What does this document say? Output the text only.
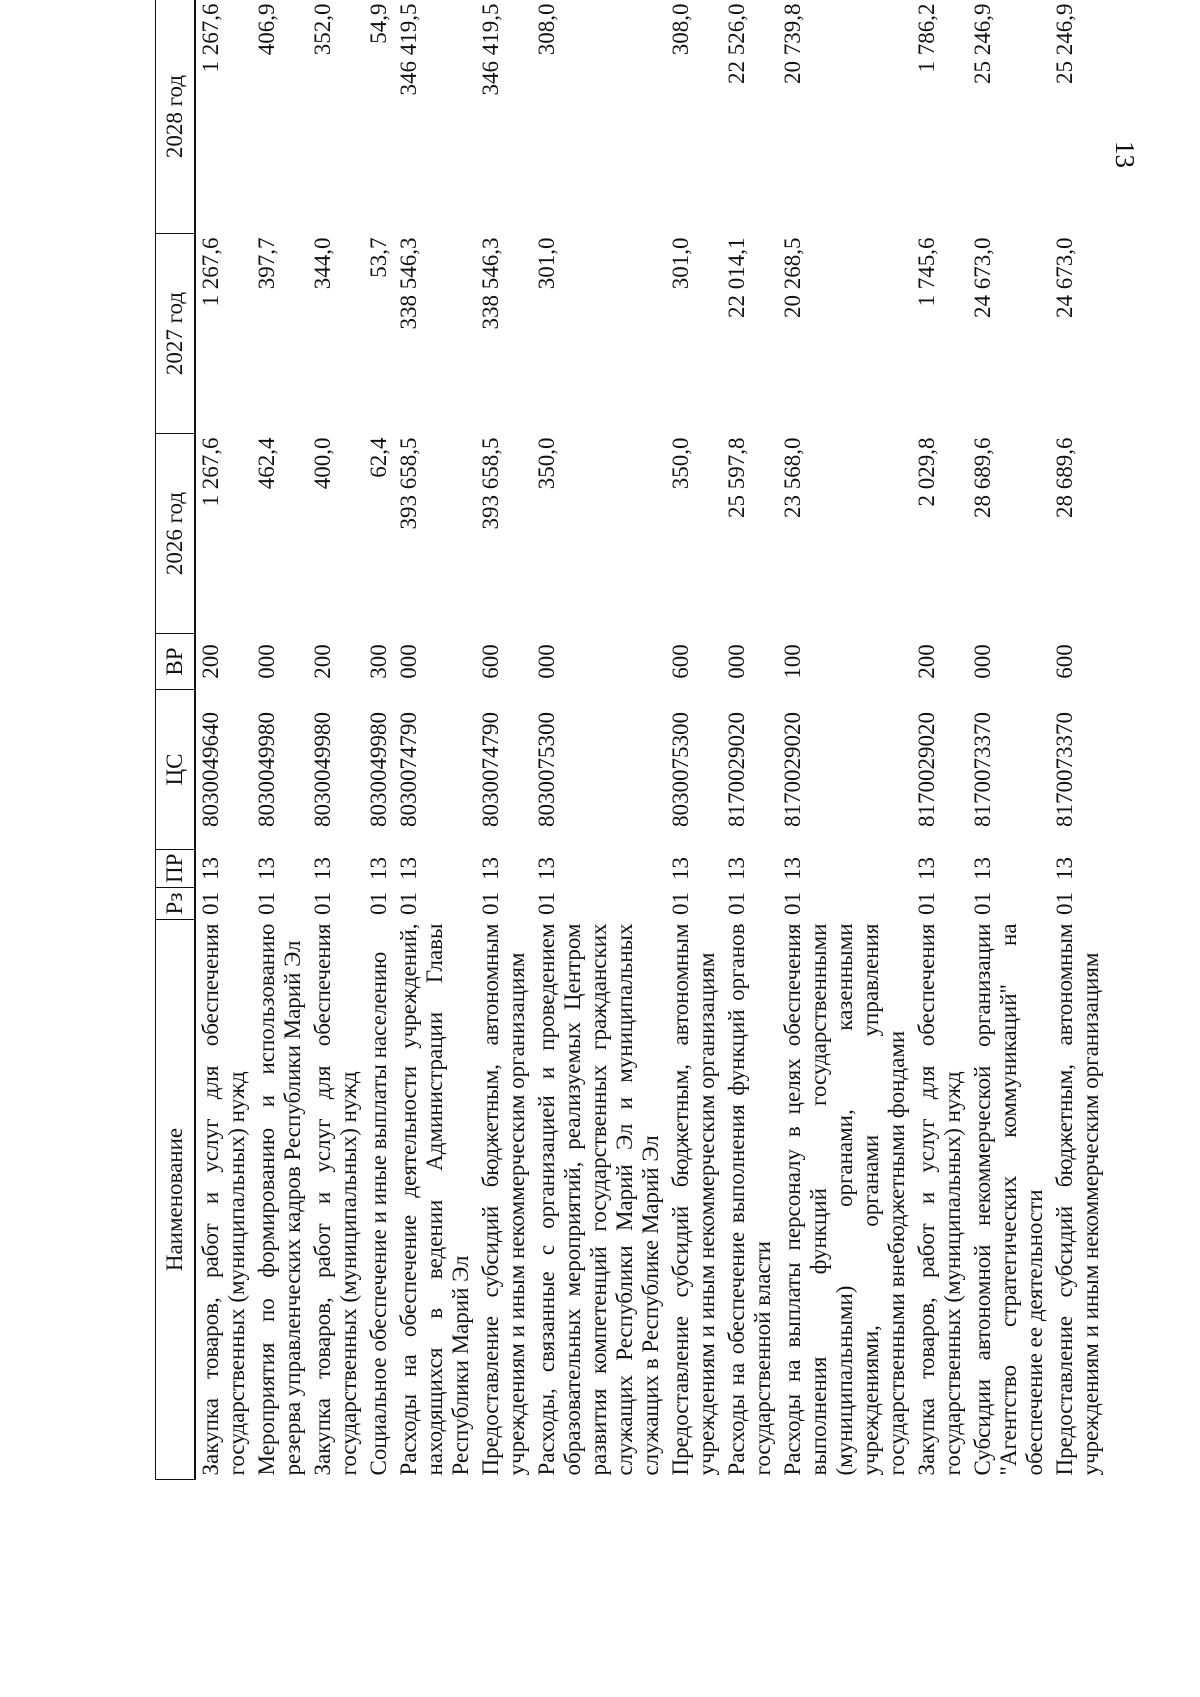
13
Наименование	Рз	ПР	ЦС	ВР	2026 год	2027 год	2028 год
Закупка товаров, работ и услуг для обеспечения государственных (муниципальных) нужд	01	13	8030049640	200	1 267,6	1 267,6	1 267,6
Мероприятия по формированию и использованию резерва управленческих кадров Республики Марий Эл	01	13	8030049980	000	462,4	397,7	406,9
Закупка товаров, работ и услуг для обеспечения государственных (муниципальных) нужд	01	13	8030049980	200	400,0	344,0	352,0
Социальное обеспечение и иные выплаты населению	01	13	8030049980	300	62,4	53,7	54,9
Расходы на обеспечение деятельности учреждений, находящихся в ведении Администрации Главы Республики Марий Эл	01	13	8030074790	000	393 658,5	338 546,3	346 419,5
Предоставление субсидий бюджетным, автономным учреждениям и иным некоммерческим организациям	01	13	8030074790	600	393 658,5	338 546,3	346 419,5
Расходы, связанные с организацией и проведением образовательных мероприятий, реализуемых Центром развития компетенций государственных гражданских служащих Республики Марий Эл и муниципальных служащих в Республике Марий Эл	01	13	8030075300	000	350,0	301,0	308,0
Предоставление субсидий бюджетным, автономным учреждениям и иным некоммерческим организациям	01	13	8030075300	600	350,0	301,0	308,0
Расходы на обеспечение выполнения функций органов государственной власти	01	13	8170029020	000	25 597,8	22 014,1	22 526,0
Расходы на выплаты персоналу в целях обеспечения выполнения функций государственными (муниципальными) органами, казенными учреждениями, органами управления государственными внебюджетными фондами	01	13	8170029020	100	23 568,0	20 268,5	20 739,8
Закупка товаров, работ и услуг для обеспечения государственных (муниципальных) нужд	01	13	8170029020	200	2 029,8	1 745,6	1 786,2
Субсидии автономной некоммерческой организации "Агентство стратегических коммуникаций" на обеспечение ее деятельности	01	13	8170073370	000	28 689,6	24 673,0	25 246,9
Предоставление субсидий бюджетным, автономным учреждениям и иным некоммерческим организациям	01	13	8170073370	600	28 689,6	24 673,0	25 246,9
